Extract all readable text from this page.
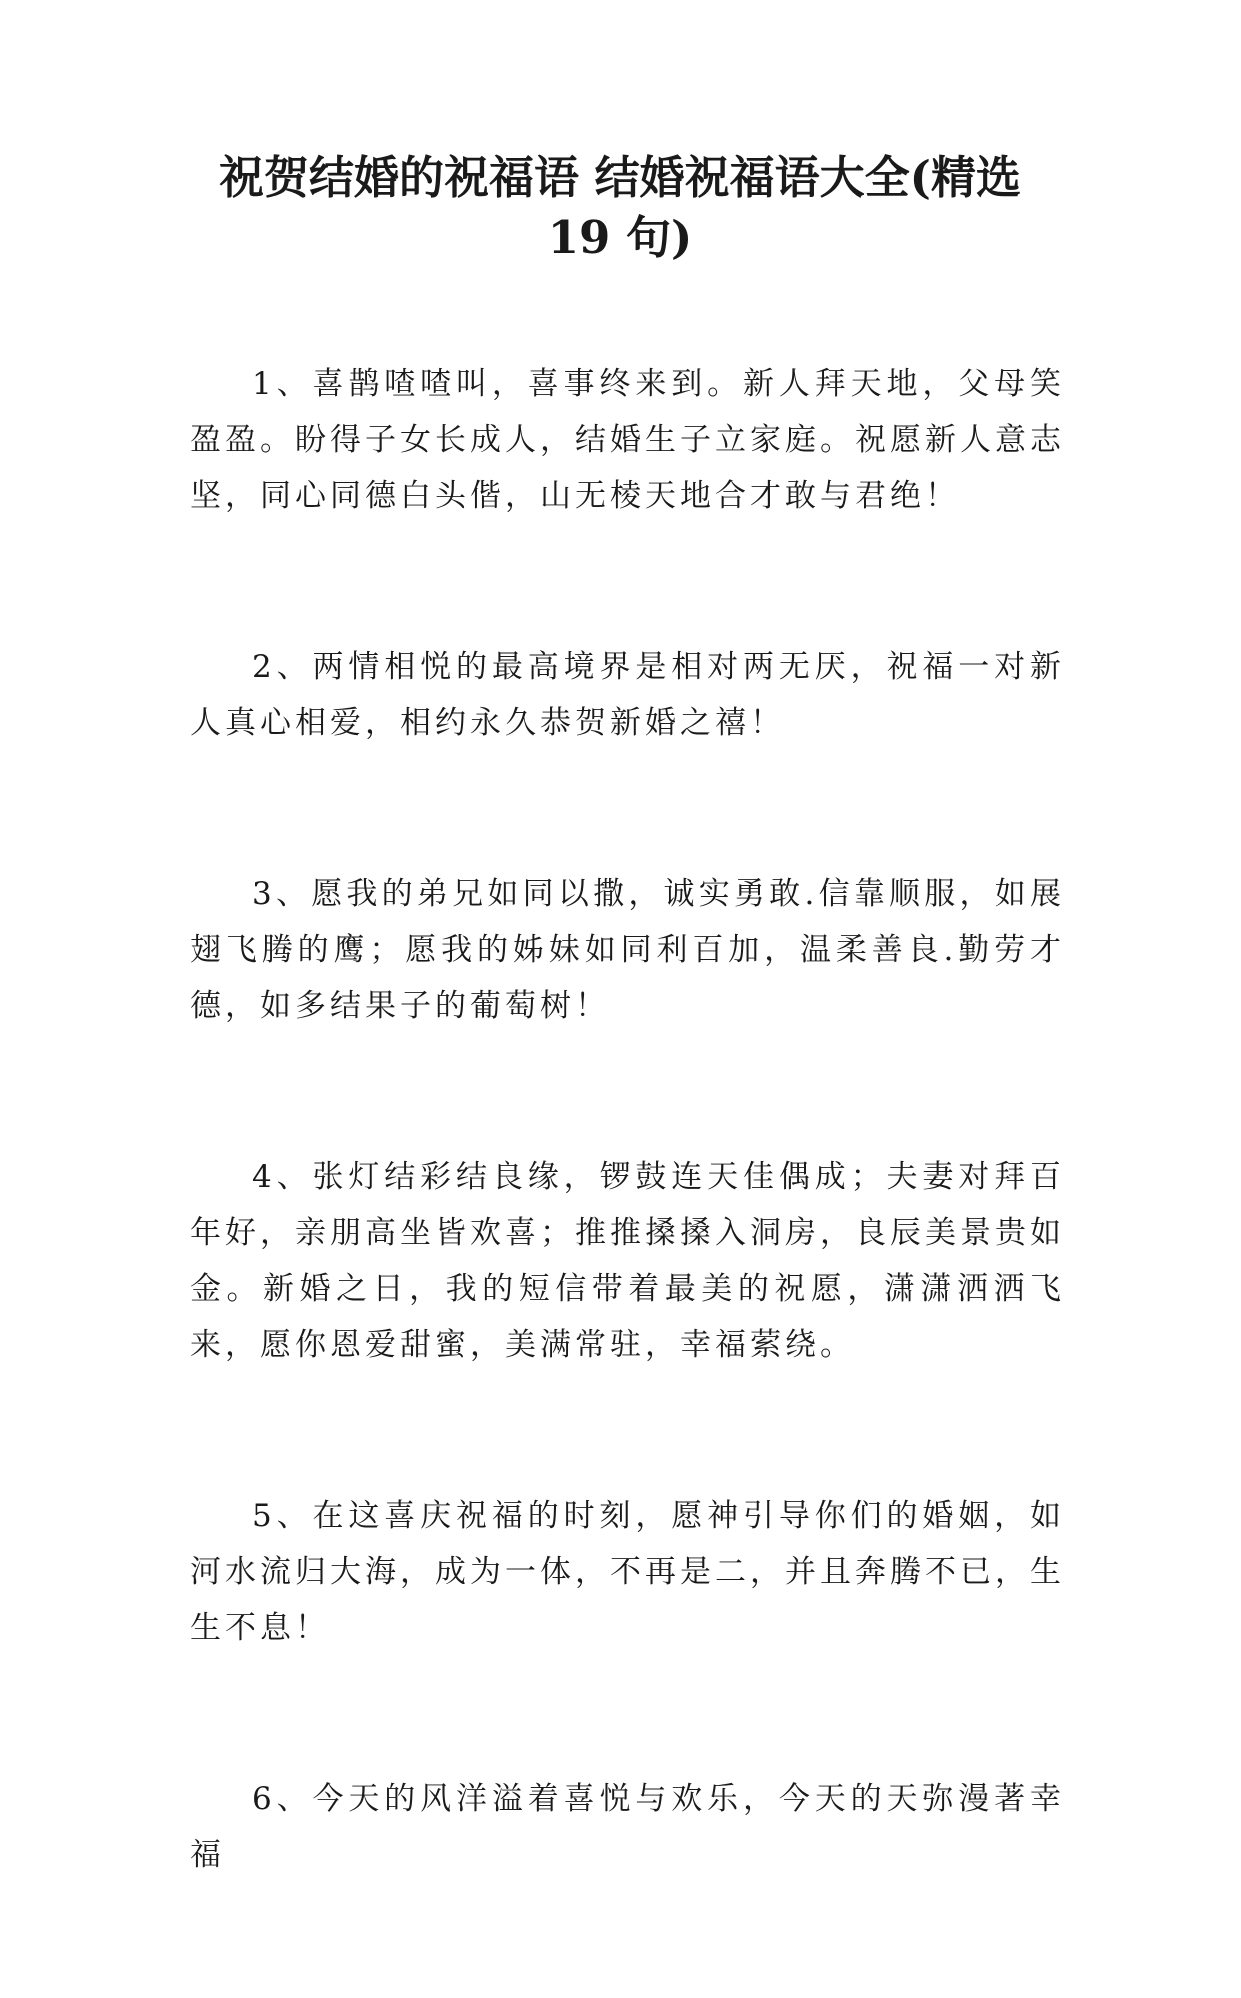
祝贺结婚的祝福语 结婚祝福语大全(精选
19 句)

1、喜鹊喳喳叫，喜事终来到。新人拜天地，父母笑盈盈。盼得子女长成人，结婚生子立家庭。祝愿新人意志坚，同心同德白头偕，山无棱天地合才敢与君绝！

2、两情相悦的最高境界是相对两无厌，祝福一对新人真心相爱，相约永久恭贺新婚之禧！

3、愿我的弟兄如同以撒，诚实勇敢.信靠顺服，如展翅飞腾的鹰；愿我的姊妹如同利百加，温柔善良.勤劳才德，如多结果子的葡萄树！

4、张灯结彩结良缘，锣鼓连天佳偶成；夫妻对拜百年好，亲朋高坐皆欢喜；推推搡搡入洞房，良辰美景贵如金。新婚之日，我的短信带着最美的祝愿，潇潇洒洒飞来，愿你恩爱甜蜜，美满常驻，幸福萦绕。

5、在这喜庆祝福的时刻，愿神引导你们的婚姻，如河水流归大海，成为一体，不再是二，并且奔腾不已，生生不息！

6、今天的风洋溢着喜悦与欢乐，今天的天弥漫著幸福
